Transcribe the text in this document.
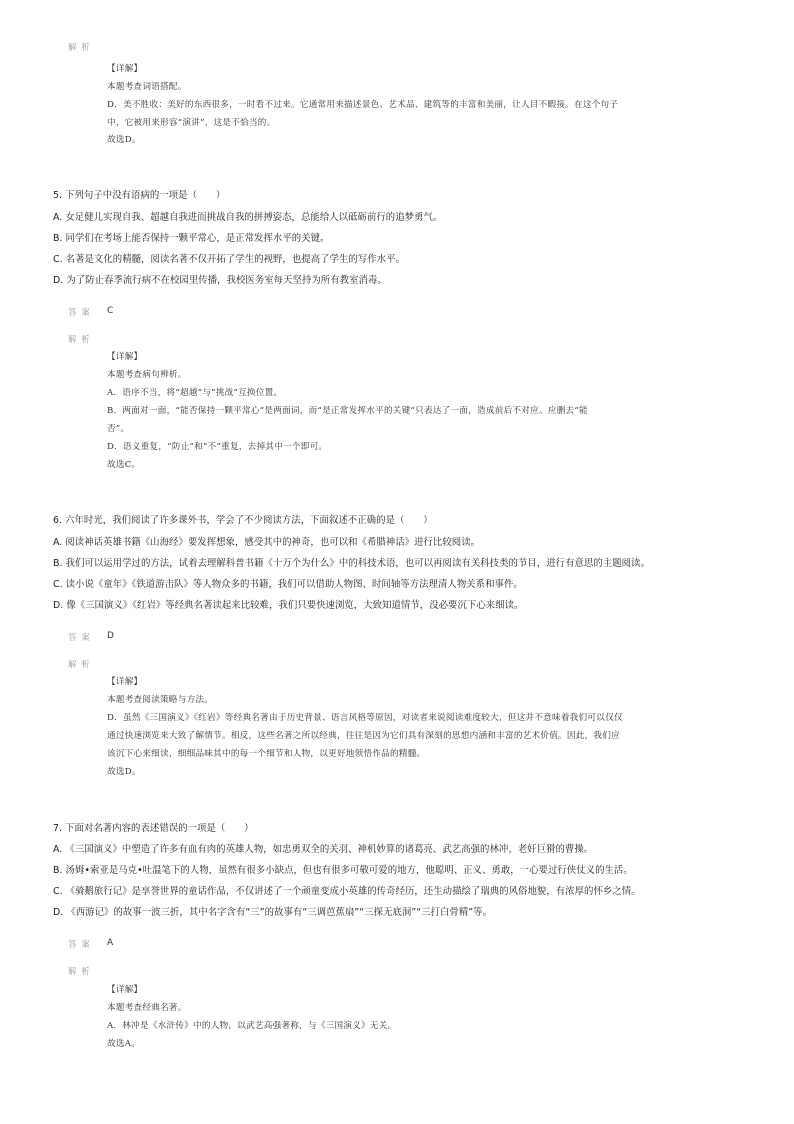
解 析
【详解】
本题考查词语搭配。
D．美不胜收：美好的东西很多，一时看不过来。它通常用来描述景色、艺术品、建筑等的丰富和美丽，让人目不暇接。在这个句子
中，它被用来形容“演讲”，这是不恰当的。
故选D。
5. 下列句子中没有语病的一项是（　　）
A. 女足健儿实现自我、超越自我进而挑战自我的拼搏姿态，总能给人以砥砺前行的追梦勇气。
B. 同学们在考场上能否保持一颗平常心，是正常发挥水平的关键。
C. 名著是文化的精髓，阅读名著不仅开拓了学生的视野，也提高了学生的写作水平。
D. 为了防止春季流行病不在校园里传播，我校医务室每天坚持为所有教室消毒。
答 案 C
解 析
【详解】
本题考查病句辨析。
A．语序不当，将“超越”与“挑战”互换位置。
B．两面对一面，“能否保持一颗平常心”是两面词，而“是正常发挥水平的关键”只表达了一面，造成前后不对应。应删去“能
否”。
D．语义重复，“防止”和“不”重复，去掉其中一个即可。
故选C。
6. 六年时光，我们阅读了许多课外书，学会了不少阅读方法，下面叙述不正确的是（　　）
A. 阅读神话英雄书籍《山海经》要发挥想象，感受其中的神奇，也可以和《希腊神话》进行比较阅读。
B. 我们可以运用学过的方法，试着去理解科普书籍《十万个为什么》中的科技术语，也可以再阅读有关科技类的节目，进行有意思的主题阅读。
C. 读小说《童年》《铁道游击队》等人物众多的书籍，我们可以借助人物图、时间轴等方法理清人物关系和事件。
D. 像《三国演义》《红岩》等经典名著读起来比较难，我们只要快速浏览，大致知道情节，没必要沉下心来细读。
答 案 D
解 析
【详解】
本题考查阅读策略与方法。
D．虽然《三国演义》《红岩》等经典名著由于历史背景、语言风格等原因，对读者来说阅读难度较大，但这并不意味着我们可以仅仅
通过快速浏览来大致了解情节。相反，这些名著之所以经典，往往是因为它们具有深刻的思想内涵和丰富的艺术价值。因此，我们应
该沉下心来细读，细细品味其中的每一个细节和人物，以更好地领悟作品的精髓。
故选D。
7. 下面对名著内容的表述错误的一项是（　　）
A. 《三国演义》中塑造了许多有血有肉的英雄人物，如忠勇双全的关羽、神机妙算的诸葛亮、武艺高强的林冲，老奸巨猾的曹操。
B. 汤姆•索亚是马克•吐温笔下的人物，虽然有很多小缺点，但也有很多可敬可爱的地方，他聪明、正义、勇敢，一心要过行侠仗义的生活。
C. 《骑鹅旅行记》是享誉世界的童话作品，不仅讲述了一个顽童变成小英雄的传奇经历，还生动描绘了瑞典的风俗地貌，有浓厚的怀乡之情。
D. 《西游记》的故事一波三折，其中名字含有“三”的故事有“三调芭蕉扇”“三探无底洞”“三打白骨精”等。
答 案 A
解 析
【详解】
本题考查经典名著。
A．林冲是《水浒传》中的人物，以武艺高强著称，与《三国演义》无关。
故选A。
